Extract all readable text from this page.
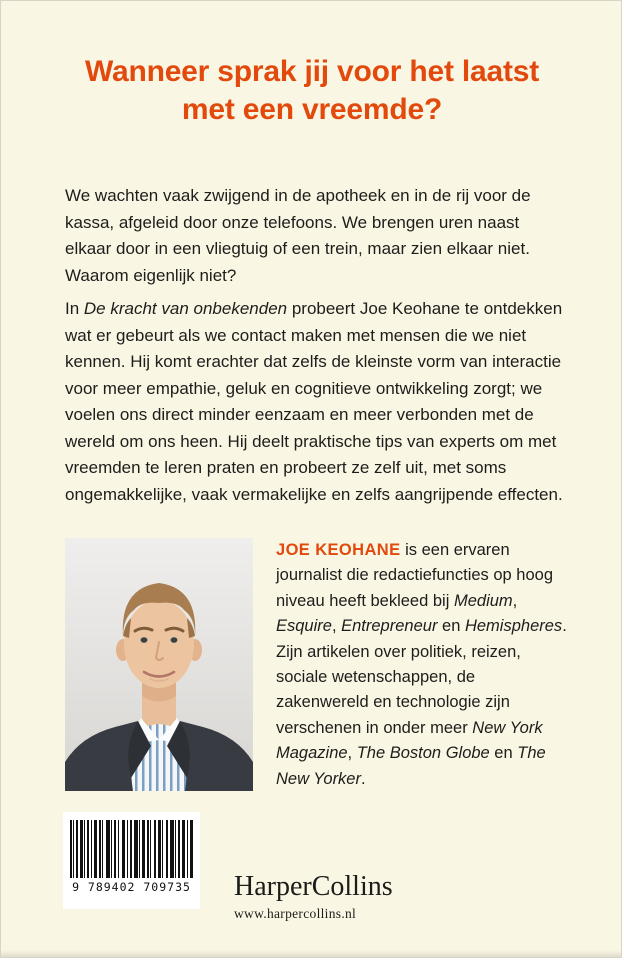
Wanneer sprak jij voor het laatst met een vreemde?

We wachten vaak zwijgend in de apotheek en in de rij voor de kassa, afgeleid door onze telefoons. We brengen uren naast elkaar door in een vliegtuig of een trein, maar zien elkaar niet. Waarom eigenlijk niet?

In De kracht van onbekenden probeert Joe Keohane te ontdekken wat er gebeurt als we contact maken met mensen die we niet kennen. Hij komt erachter dat zelfs de kleinste vorm van interactie voor meer empathie, geluk en cognitieve ontwikkeling zorgt; we voelen ons direct minder eenzaam en meer verbonden met de wereld om ons heen. Hij deelt praktische tips van experts om met vreemden te leren praten en probeert ze zelf uit, met soms ongemakkelijke, vaak vermakelijke en zelfs aangrijpende effecten.

JOE KEOHANE is een ervaren journalist die redactiefuncties op hoog niveau heeft bekleed bij Medium, Esquire, Entrepreneur en Hemispheres. Zijn artikelen over politiek, reizen, sociale wetenschappen, de zakenwereld en technologie zijn verschenen in onder meer New York Magazine, The Boston Globe en The New Yorker.

9 789402 709735	HarperCollins
www.harpercollins.nl
